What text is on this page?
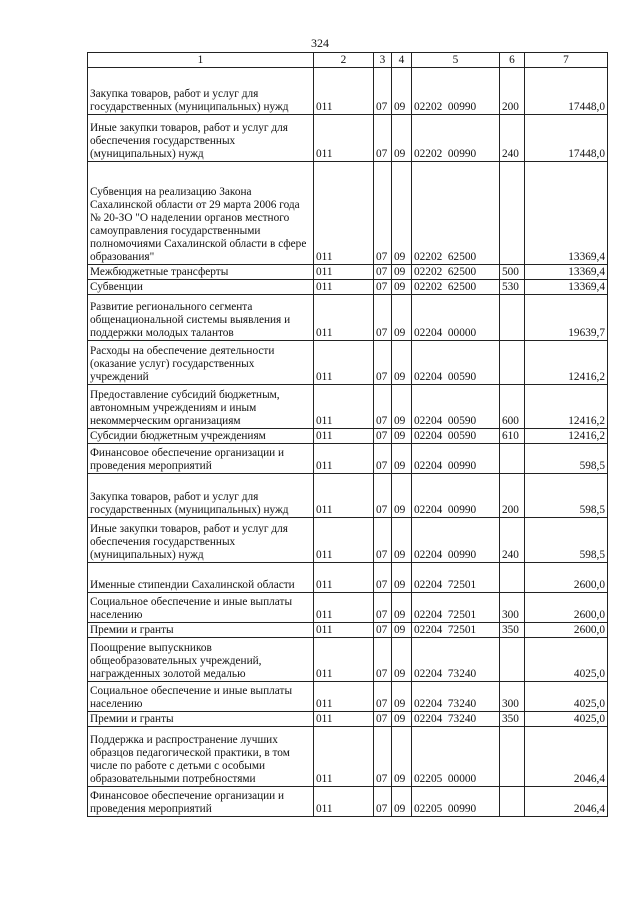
324
1	2	3	4	5	6	7
Закупка товаров, работ и услуг для государственных (муниципальных) нужд	011	07	09	02202  00990	200	17448,0
Иные закупки товаров, работ и услуг для обеспечения государственных (муниципальных) нужд	011	07	09	02202  00990	240	17448,0
Субвенция на реализацию Закона Сахалинской области от 29 марта 2006 года № 20-ЗО "О наделении органов местного самоуправления государственными полномочиями Сахалинской области в сфере образования"	011	07	09	02202  62500		13369,4
Межбюджетные трансферты	011	07	09	02202  62500	500	13369,4
Субвенции	011	07	09	02202  62500	530	13369,4
Развитие регионального сегмента общенациональной системы выявления и поддержки молодых талантов	011	07	09	02204  00000		19639,7
Расходы на обеспечение деятельности (оказание услуг) государственных учреждений	011	07	09	02204  00590		12416,2
Предоставление субсидий бюджетным, автономным учреждениям и иным некоммерческим организациям	011	07	09	02204  00590	600	12416,2
Субсидии бюджетным учреждениям	011	07	09	02204  00590	610	12416,2
Финансовое обеспечение организации и проведения мероприятий	011	07	09	02204  00990		598,5
Закупка товаров, работ и услуг для государственных (муниципальных) нужд	011	07	09	02204  00990	200	598,5
Иные закупки товаров, работ и услуг для обеспечения государственных (муниципальных) нужд	011	07	09	02204  00990	240	598,5
Именные стипендии Сахалинской области	011	07	09	02204  72501		2600,0
Социальное обеспечение и иные выплаты населению	011	07	09	02204  72501	300	2600,0
Премии и гранты	011	07	09	02204  72501	350	2600,0
Поощрение выпускников общеобразовательных учреждений, награжденных золотой медалью	011	07	09	02204  73240		4025,0
Социальное обеспечение и иные выплаты населению	011	07	09	02204  73240	300	4025,0
Премии и гранты	011	07	09	02204  73240	350	4025,0
Поддержка и распространение лучших образцов педагогической практики, в том числе по работе с детьми с особыми образовательными потребностями	011	07	09	02205  00000		2046,4
Финансовое обеспечение организации и проведения мероприятий	011	07	09	02205  00990		2046,4
